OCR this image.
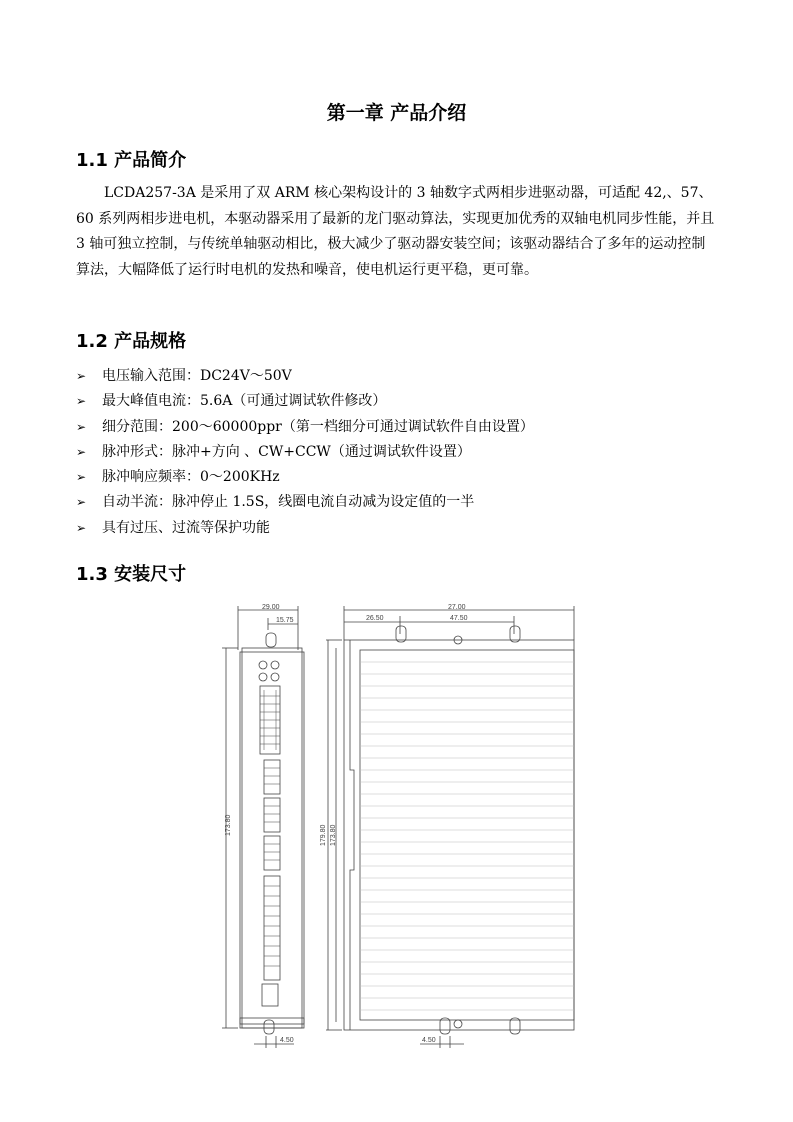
第一章 产品介绍
1.1 产品简介

LCDA257-3A 是采用了双 ARM 核心架构设计的 3 轴数字式两相步进驱动器，可适配 42,、57、60 系列两相步进电机，本驱动器采用了最新的龙门驱动算法，实现更加优秀的双轴电机同步性能，并且 3 轴可独立控制，与传统单轴驱动相比，极大减少了驱动器安装空间；该驱动器结合了多年的运动控制算法，大幅降低了运行时电机的发热和噪音，使电机运行更平稳，更可靠。

1.2 产品规格
➢ 电压输入范围：DC24V～50V
➢ 最大峰值电流：5.6A（可通过调试软件修改）
➢ 细分范围：200～60000ppr（第一档细分可通过调试软件自由设置）
➢ 脉冲形式：脉冲+方向 、CW+CCW（通过调试软件设置）
➢ 脉冲响应频率：0～200KHz
➢ 自动半流：脉冲停止 1.5S，线圈电流自动减为设定值的一半
➢ 具有过压、过流等保护功能
1.3 安装尺寸
29.00
15.75
173.80
4.50
27.00
26.50	47.50
179.80 173.80
4.50
